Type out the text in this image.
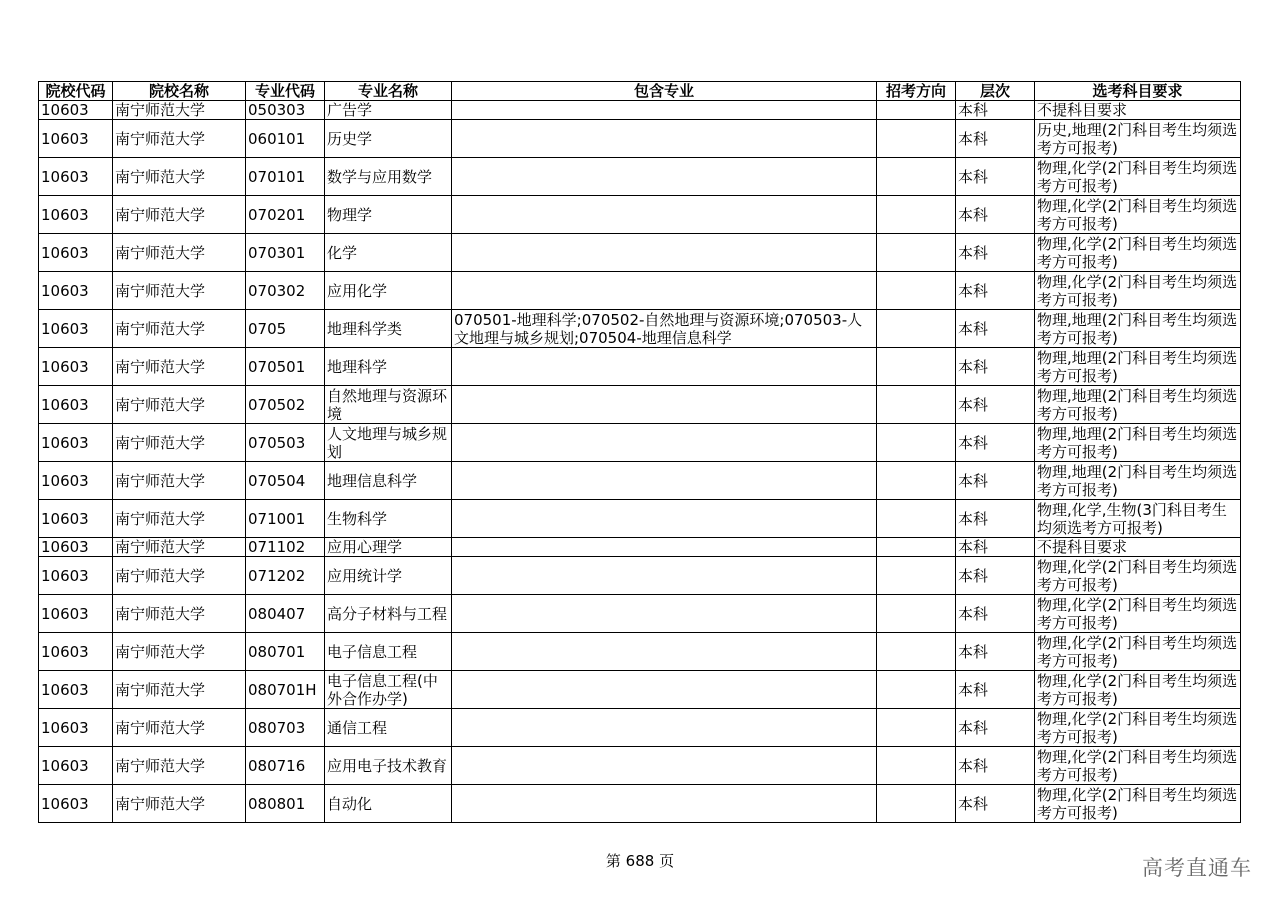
院校代码	院校名称	专业代码	专业名称	包含专业	招考方向	层次	选考科目要求
10603	南宁师范大学	050303	广告学			本科	不提科目要求
10603	南宁师范大学	060101	历史学			本科	历史,地理(2门科目考生均须选考方可报考)
10603	南宁师范大学	070101	数学与应用数学			本科	物理,化学(2门科目考生均须选考方可报考)
10603	南宁师范大学	070201	物理学			本科	物理,化学(2门科目考生均须选考方可报考)
10603	南宁师范大学	070301	化学			本科	物理,化学(2门科目考生均须选考方可报考)
10603	南宁师范大学	070302	应用化学			本科	物理,化学(2门科目考生均须选考方可报考)
10603	南宁师范大学	0705	地理科学类	070501-地理科学;070502-自然地理与资源环境;070503-人文地理与城乡规划;070504-地理信息科学		本科	物理,地理(2门科目考生均须选考方可报考)
10603	南宁师范大学	070501	地理科学			本科	物理,地理(2门科目考生均须选考方可报考)
10603	南宁师范大学	070502	自然地理与资源环境			本科	物理,地理(2门科目考生均须选考方可报考)
10603	南宁师范大学	070503	人文地理与城乡规划			本科	物理,地理(2门科目考生均须选考方可报考)
10603	南宁师范大学	070504	地理信息科学			本科	物理,地理(2门科目考生均须选考方可报考)
10603	南宁师范大学	071001	生物科学			本科	物理,化学,生物(3门科目考生均须选考方可报考)
10603	南宁师范大学	071102	应用心理学			本科	不提科目要求
10603	南宁师范大学	071202	应用统计学			本科	物理,化学(2门科目考生均须选考方可报考)
10603	南宁师范大学	080407	高分子材料与工程			本科	物理,化学(2门科目考生均须选考方可报考)
10603	南宁师范大学	080701	电子信息工程			本科	物理,化学(2门科目考生均须选考方可报考)
10603	南宁师范大学	080701H	电子信息工程(中外合作办学)			本科	物理,化学(2门科目考生均须选考方可报考)
10603	南宁师范大学	080703	通信工程			本科	物理,化学(2门科目考生均须选考方可报考)
10603	南宁师范大学	080716	应用电子技术教育			本科	物理,化学(2门科目考生均须选考方可报考)
10603	南宁师范大学	080801	自动化			本科	物理,化学(2门科目考生均须选考方可报考)
第 688 页	高考直通车
